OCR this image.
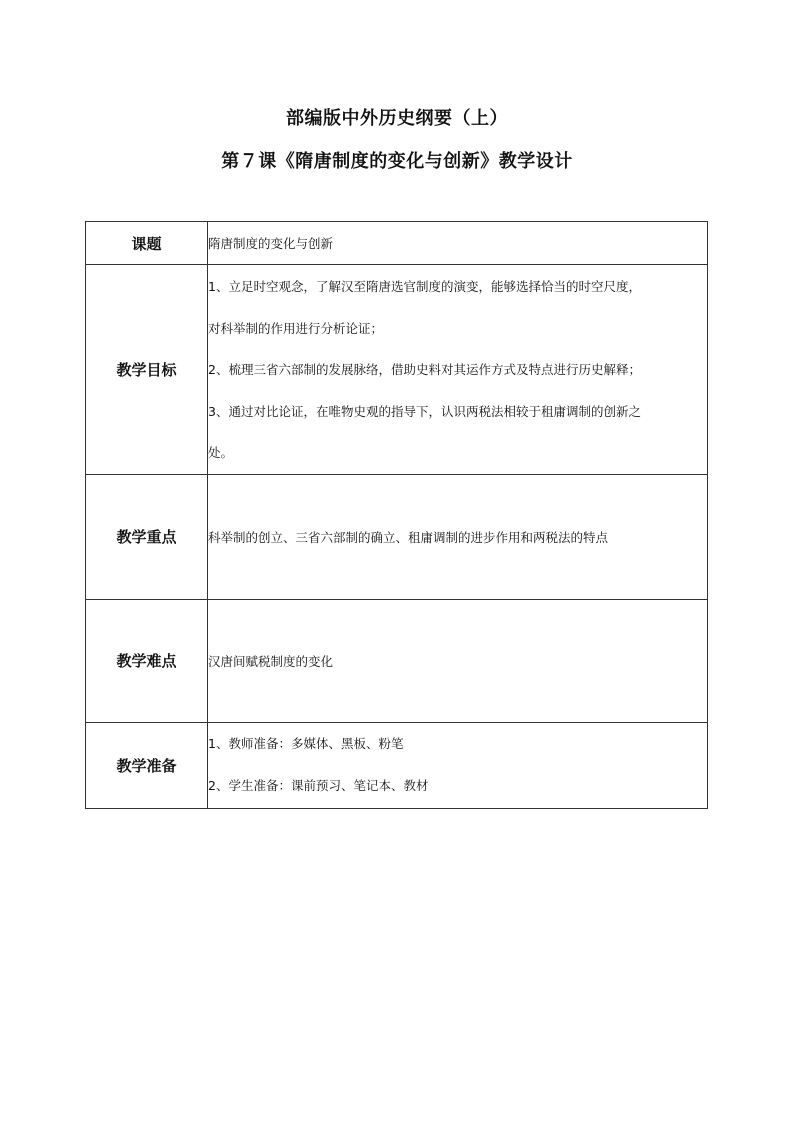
部编版中外历史纲要（上）
第７课《隋唐制度的变化与创新》教学设计
课题	隋唐制度的变化与创新
教学目标	1、立足时空观念，了解汉至隋唐选官制度的演变，能够选择恰当的时空尺度，
对科举制的作用进行分析论证；
2、梳理三省六部制的发展脉络，借助史料对其运作方式及特点进行历史解释；
3、通过对比论证，在唯物史观的指导下，认识两税法相较于租庸调制的创新之
处。

教学重点	科举制的创立、三省六部制的确立、租庸调制的进步作用和两税法的特点
教学难点	汉唐间赋税制度的变化
教学准备	1、教师准备：多媒体、黑板、粉笔
2、学生准备：课前预习、笔记本、教材
